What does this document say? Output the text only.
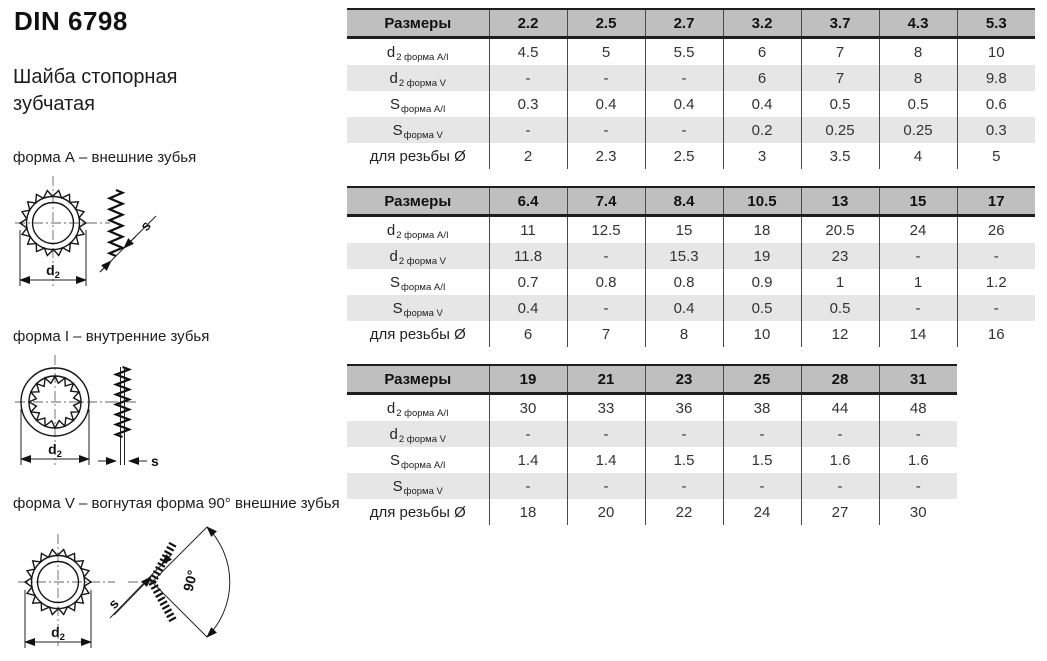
DIN 6798
Шайба стопорная зубчатая
форма А – внешние зубья
форма I – внутренние зубья
форма V – вогнутая форма 90° внешние зубья
$d_2$
s
$d_2$	s
$d_2$
90°
s
Размеры	2.2	2.5	2.7	3.2	3.7	4.3	5.3
$d_{2 форма А/I}$	4.5	5	5.5	6	7	8	10
$d_{2 форма V}$	-	-	-	6	7	8	9.8
$S_{форма А/I}$	0.3	0.4	0.4	0.4	0.5	0.5	0.6
$S_{форма V}$	-	-	-	0.2	0.25	0.25	0.3
для резьбы Ø	2	2.3	2.5	3	3.5	4	5
Размеры	6.4	7.4	8.4	10.5	13	15	17
$d_{2 форма А/I}$	11	12.5	15	18	20.5	24	26
$d_{2 форма V}$	11.8	-	15.3	19	23	-	-
$S_{форма А/I}$	0.7	0.8	0.8	0.9	1	1	1.2
$S_{форма V}$	0.4	-	0.4	0.5	0.5	-	-
для резьбы Ø	6	7	8	10	12	14	16
Размеры	19	21	23	25	28	31
$d_{2 форма А/I}$	30	33	36	38	44	48
$d_{2 форма V}$	-	-	-	-	-	-
$S_{форма А/I}$	1.4	1.4	1.5	1.5	1.6	1.6
$S_{форма V}$	-	-	-	-	-	-
для резьбы Ø	18	20	22	24	27	30
